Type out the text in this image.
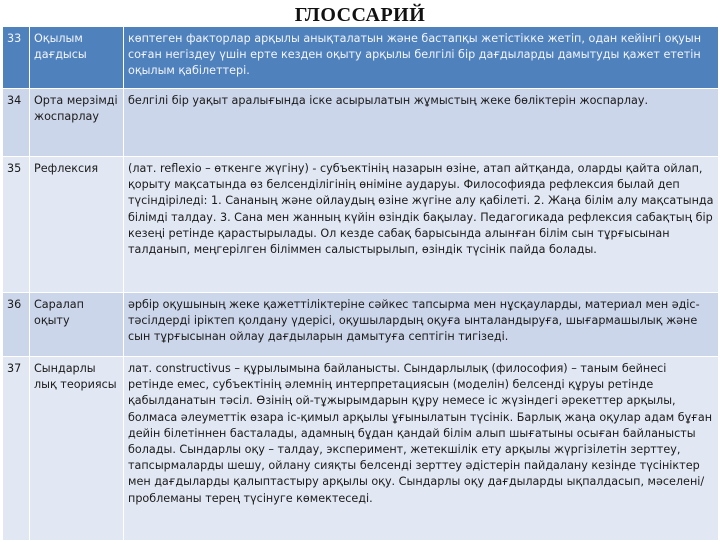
ГЛОССАРИЙ
33	Оқылым дағдысы	көптеген факторлар арқылы анықталатын және бастапқы жетістікке жетіп, одан кейінгі оқуын соған негіздеу үшін ерте кезден оқыту арқылы белгілі бір дағдыларды дамытуды қажет ететін оқылым қабілеттері.
34	Орта мерзімді жоспарлау	белгілі бір уақыт аралығында іске асырылатын жұмыстың жеке бөліктерін жоспарлау.
35	Рефлексия	(лат. reflexio – өткенге жүгіну) - субъектінің назарын өзіне, атап айтқанда, оларды қайта ойлап, қорыту мақсатында өз белсенділігінің өніміне аударуы. Философияда рефлексия былай деп түсіндіріледі: 1. Сананың және ойлаудың өзіне жүгіне алу қабілеті. 2. Жаңа білім алу мақсатында білімді талдау. 3. Сана мен жанның күйін өзіндік бақылау. Педагогикада рефлексия сабақтың бір кезеңі ретінде қарастырылады. Ол кезде сабақ барысында алынған білім сын тұрғысынан талданып, меңгерілген біліммен салыстырылып, өзіндік түсінік пайда болады.
36	Саралап оқыту	әрбір оқушының жеке қажеттіліктеріне сәйкес тапсырма мен нұсқауларды, материал мен әдіс-тәсілдерді іріктеп қолдану үдерісі, оқушылардың оқуға ынталандыруға, шығармашылық және сын тұрғысынан ойлау дағдыларын дамытуға септігін тигізеді.
37	Сындарлы лық теориясы	лат. constructivus – құрылымына байланысты. Сындарлылық (философия) – таным бейнесі ретінде емес, субъектінің әлемнің интерпретациясын (моделін) белсенді құруы ретінде қабылданатын тәсіл. Өзінің ой-тұжырымдарын құру немесе іс жүзіндегі әрекеттер арқылы, болмаса әлеуметтік өзара іс-қимыл арқылы ұғынылатын түсінік. Барлық жаңа оқулар адам бұған дейін білетіннен басталады, адамның бұдан қандай білім алып шығатыны осыған байланысты болады. Сындарлы оқу – талдау, эксперимент, жетекшілік ету арқылы жүргізілетін зерттеу, тапсырмаларды шешу, ойлану сияқты белсенді зерттеу әдістерін пайдалану кезінде түсініктер мен дағдыларды қалыптастыру арқылы оқу. Сындарлы оқу дағдыларды ықпалдасып, мәселені/проблеманы терең түсінуге көмектеседі.
